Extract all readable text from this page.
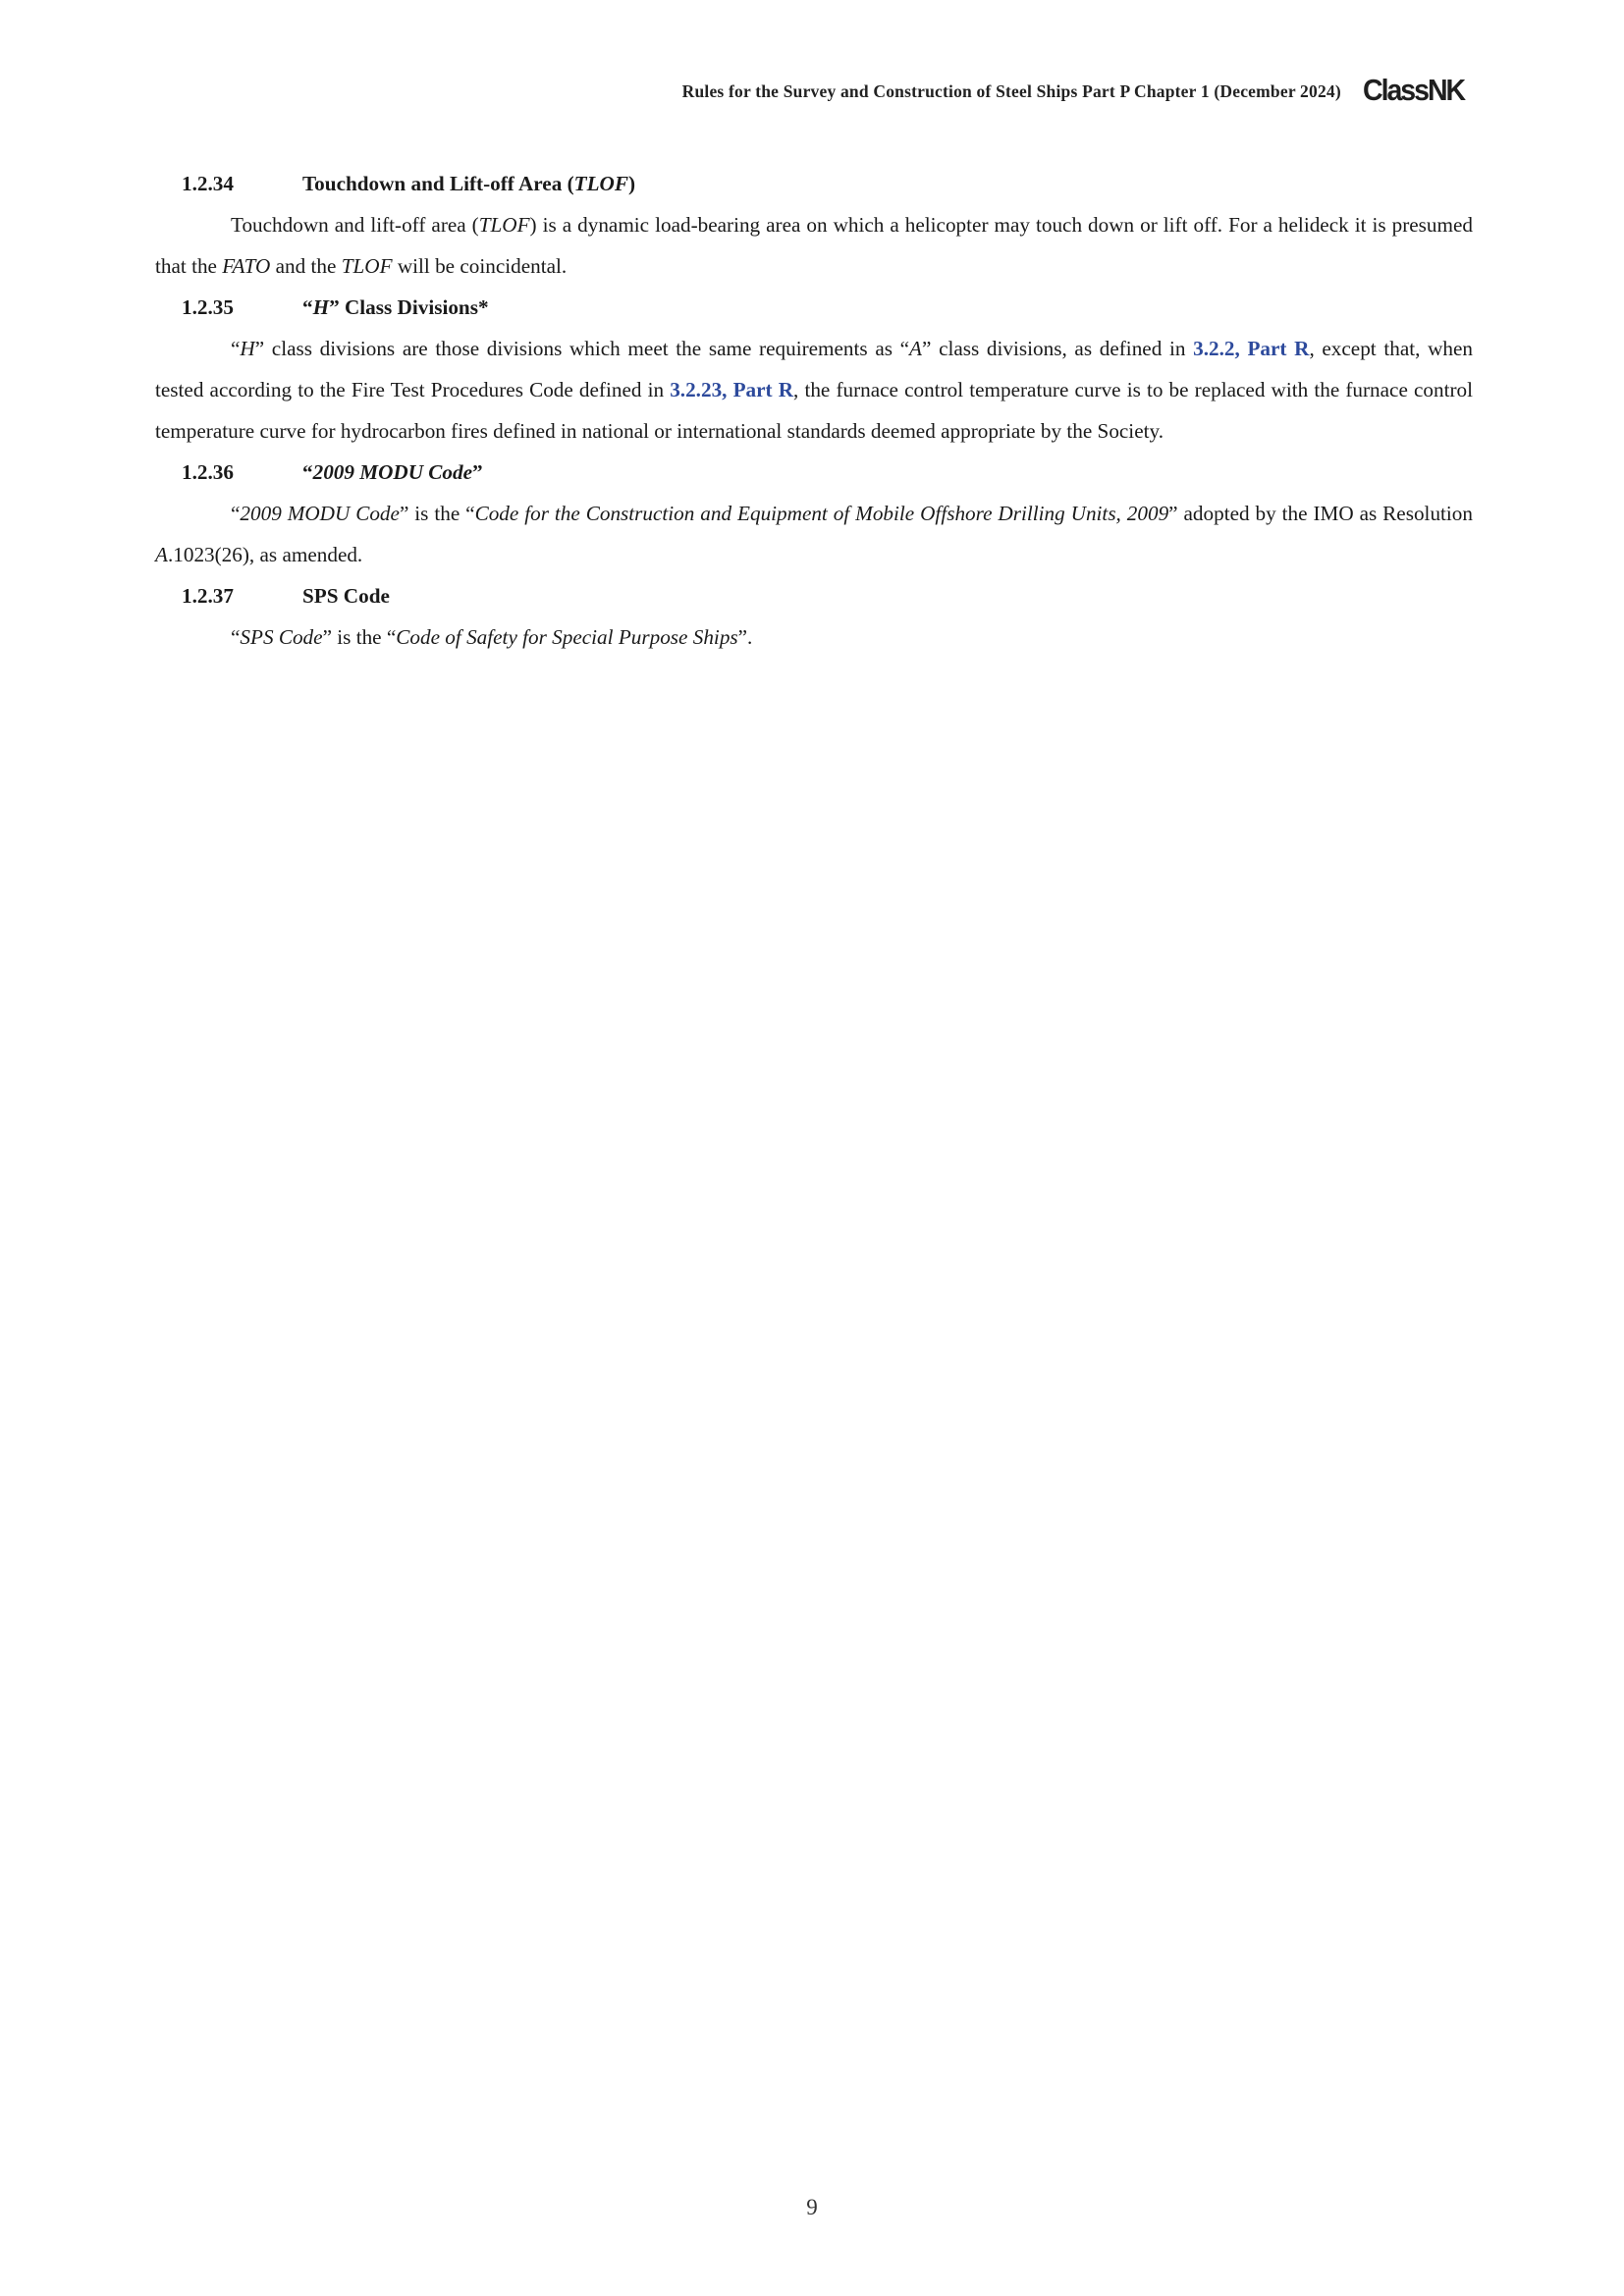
Rules for the Survey and Construction of Steel Ships Part P Chapter 1 (December 2024) ClassNK
1.2.34	Touchdown and Lift-off Area (TLOF)

Touchdown and lift-off area (TLOF) is a dynamic load-bearing area on which a helicopter may touch down or lift off. For a helideck it is presumed that the FATO and the TLOF will be coincidental.

1.2.35	“H” Class Divisions*

“H” class divisions are those divisions which meet the same requirements as “A” class divisions, as defined in 3.2.2, Part R, except that, when tested according to the Fire Test Procedures Code defined in 3.2.23, Part R, the furnace control temperature curve is to be replaced with the furnace control temperature curve for hydrocarbon fires defined in national or international standards deemed appropriate by the Society.

1.2.36	“2009 MODU Code”

“2009 MODU Code” is the “Code for the Construction and Equipment of Mobile Offshore Drilling Units, 2009” adopted by the IMO as Resolution A.1023(26), as amended.

1.2.37	SPS Code

“SPS Code” is the “Code of Safety for Special Purpose Ships”.

9
